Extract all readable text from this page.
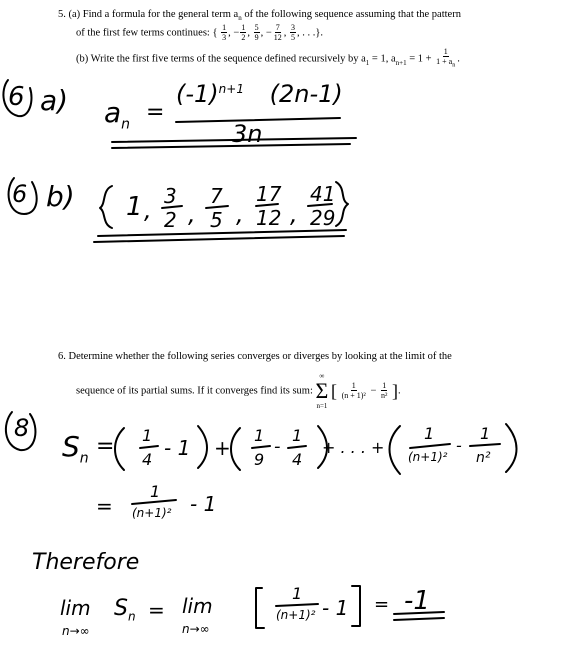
5. (a) Find a formula for the general term $a_n$ of the following sequence assuming that the pattern
of the first few terms continues: { $\frac{1}{3}$ , − $\frac{1}{2}$ , $\frac{5}{9}$ , − $\frac{7}{12}$ , $\frac{3}{5}$ , . . .}.
(b) Write the first five terms of the sequence defined recursively by $a_1 = 1$, $a_{n+1} = 1 + \frac{1}{1 + a_n}$ .
6. Determine whether the following series converges or diverges by looking at the limit of the
sequence of its partial sums. If it converges find its sum:
∞
Σ
n=1
[ $\frac{1}{\text{(n + 1)²}} - \frac{1}{\text{n²}}$ ].
6 a) $a_n$ =
$(-1)^{n+1}$ (2n-1)
3n
6 b) 1 , 3
2 ,
7
5 ,
17
12 ,
41
29
8
$S_n = 1$
4 - 1 +
1
9
-
1
4
+ . . . +
1
(n+1)²
-
1
n²
=
1
(n+1)² - 1
Therefore
lim
n→∞
$S_n = \lim$
n→∞
1
(n+1)² - 1 = -1
